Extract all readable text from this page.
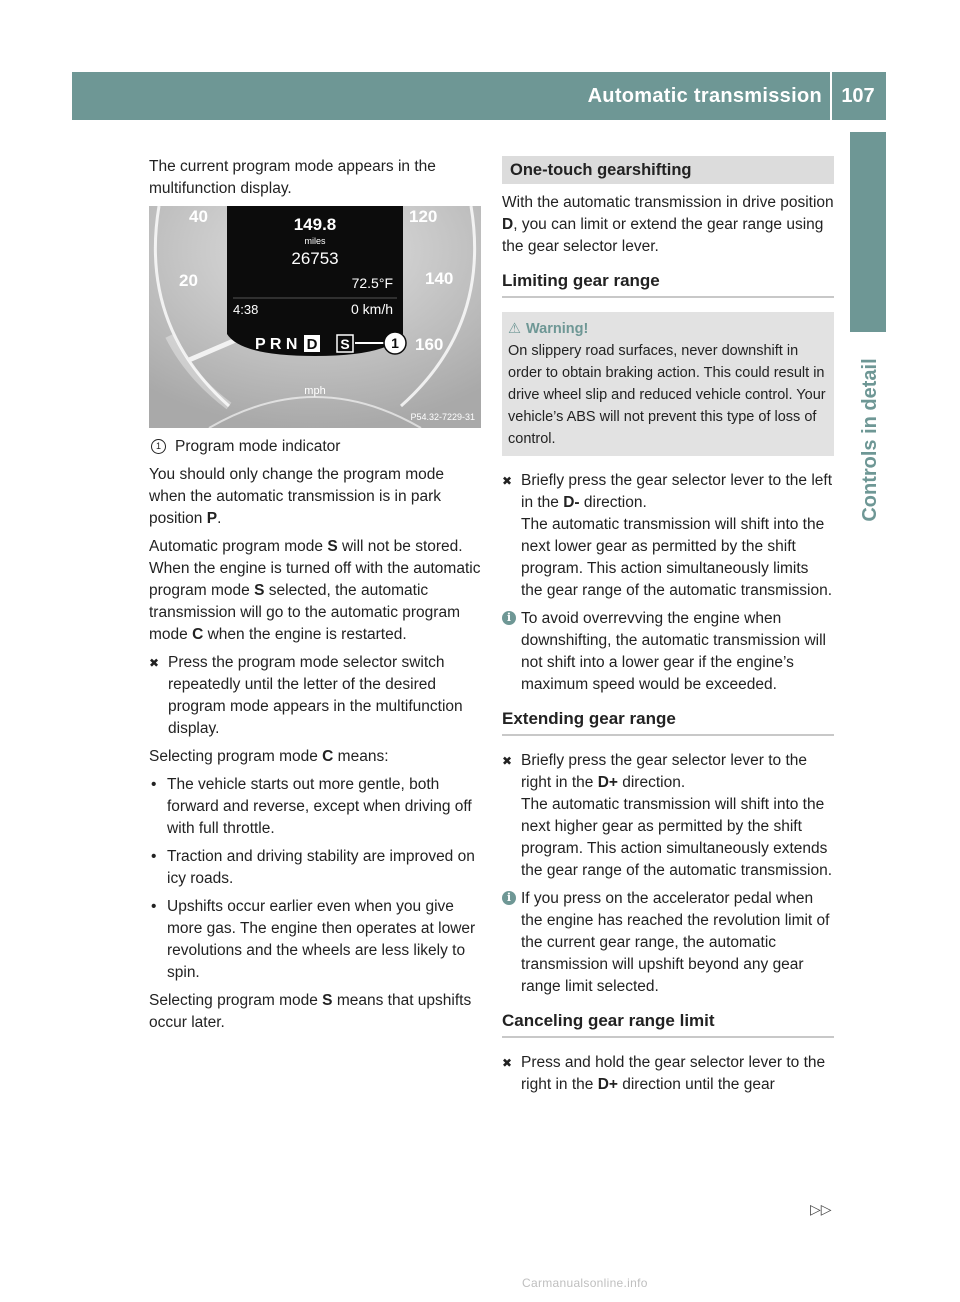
Automatic transmission 107
Controls in detail

The current program mode appears in the multifunction display.

40
20
120
140
160
149.8
miles
26753
72.5°F
4:38	0 km/h
P R N D S	1
mph
P54.32-7229-31
1 Program mode indicator

You should only change the program mode when the automatic transmission is in park position P.

Automatic program mode S will not be stored. When the engine is turned off with the automatic program mode S selected, the automatic transmission will go to the automatic program mode C when the engine is restarted.

✖ Press the program mode selector switch repeatedly until the letter of the desired program mode appears in the multifunction display.

Selecting program mode C means:

• The vehicle starts out more gentle, both forward and reverse, except when driving off with full throttle.
• Traction and driving stability are improved on icy roads.
• Upshifts occur earlier even when you give more gas. The engine then operates at lower revolutions and the wheels are less likely to spin.

Selecting program mode S means that upshifts occur later.

One-touch gearshifting

With the automatic transmission in drive position D, you can limit or extend the gear range using the gear selector lever.

Limiting gear range
⚠ Warning!
On slippery road surfaces, never downshift in order to obtain braking action. This could result in drive wheel slip and reduced vehicle control. Your vehicle’s ABS will not prevent this type of loss of control.
✖ Briefly press the gear selector lever to the left in the D- direction.
The automatic transmission will shift into the next lower gear as permitted by the shift program. This action simultaneously limits the gear range of the automatic transmission.
i To avoid overrevving the engine when downshifting, the automatic transmission will not shift into a lower gear if the engine’s maximum speed would be exceeded.
Extending gear range
✖ Briefly press the gear selector lever to the right in the D+ direction.
The automatic transmission will shift into the next higher gear as permitted by the shift program. This action simultaneously extends the gear range of the automatic transmission.
i If you press on the accelerator pedal when the engine has reached the revolution limit of the current gear range, the automatic transmission will upshift beyond any gear range limit selected.
Canceling gear range limit
✖ Press and hold the gear selector lever to the right in the D+ direction until the gear
▷▷
Carmanualsonline.info
